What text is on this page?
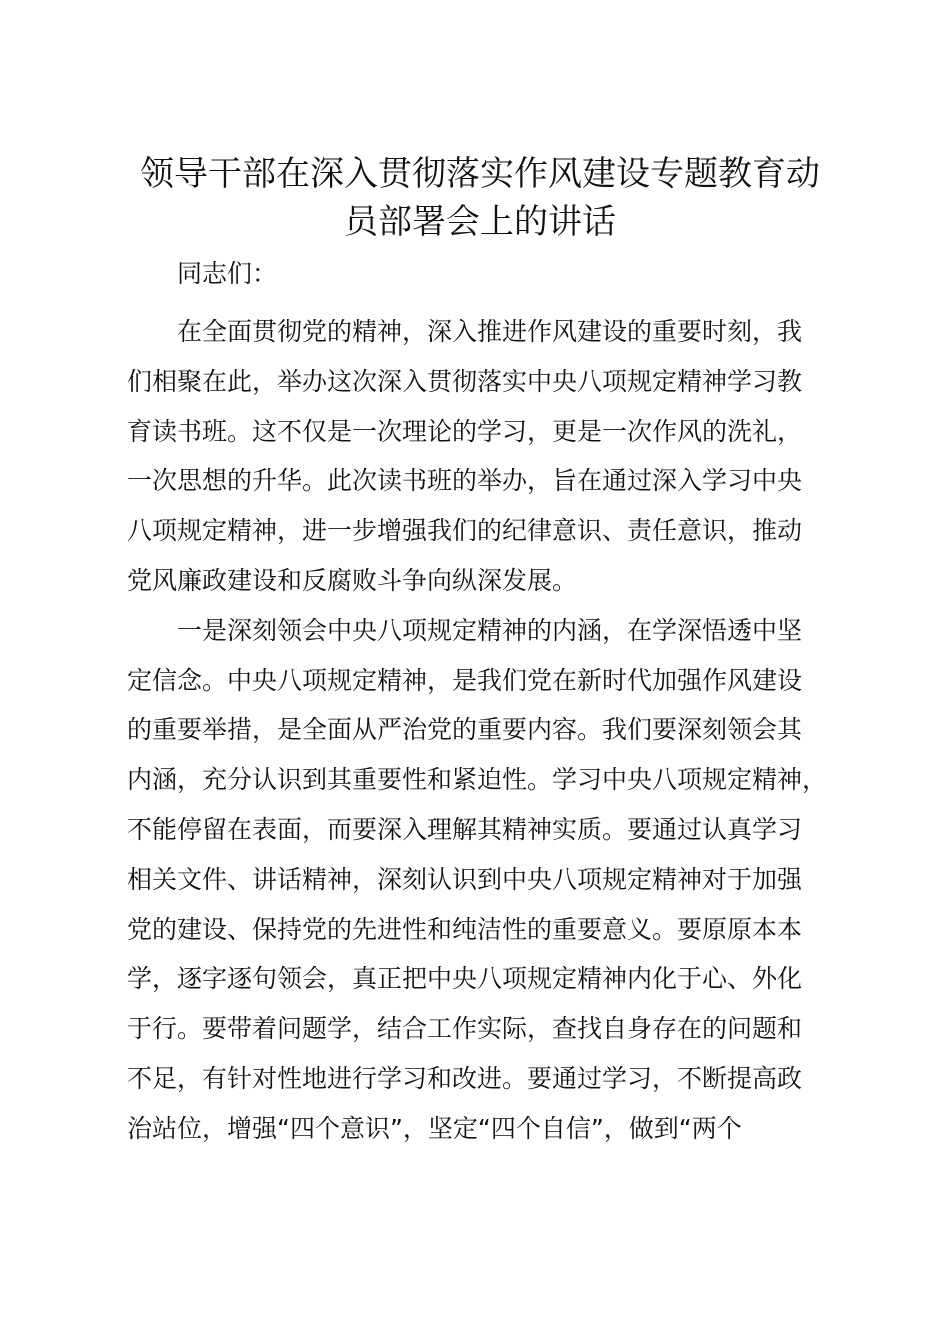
领导干部在深入贯彻落实作风建设专题教育动
员部署会上的讲话

同志们：

在全面贯彻党的精神，深入推进作风建设的重要时刻，我
们相聚在此，举办这次深入贯彻落实中央八项规定精神学习教
育读书班。这不仅是一次理论的学习，更是一次作风的洗礼，
一次思想的升华。此次读书班的举办，旨在通过深入学习中央
八项规定精神，进一步增强我们的纪律意识、责任意识，推动
党风廉政建设和反腐败斗争向纵深发展。
一是深刻领会中央八项规定精神的内涵，在学深悟透中坚
定信念。中央八项规定精神，是我们党在新时代加强作风建设
的重要举措，是全面从严治党的重要内容。我们要深刻领会其
内涵，充分认识到其重要性和紧迫性。学习中央八项规定精神，
不能停留在表面，而要深入理解其精神实质。要通过认真学习
相关文件、讲话精神，深刻认识到中央八项规定精神对于加强
党的建设、保持党的先进性和纯洁性的重要意义。要原原本本
学，逐字逐句领会，真正把中央八项规定精神内化于心、外化
于行。要带着问题学，结合工作实际，查找自身存在的问题和
不足，有针对性地进行学习和改进。要通过学习，不断提高政
治站位，增强“四个意识”，坚定“四个自信”，做到“两个
